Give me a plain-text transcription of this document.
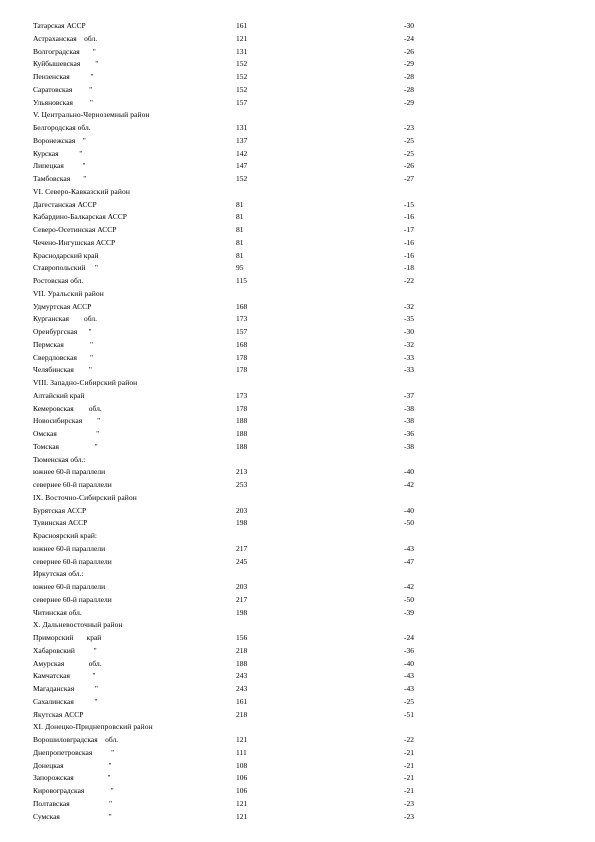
Татарская АССР	161	-30
Астраханская    обл.	121	-24
Волгоградская       "	131	-26
Куйбышевская        "	152	-29
Пензенская           "	152	-28
Саратовская         "	152	-28
Ульяновская         "	157	-29
V. Центрально-Черноземный район
Белгородская обл.	131	-23
Воронежская    "	137	-25
Курская           "	142	-25
Липецкая          "	147	-26
Тамбовская       "	152	-27
VI. Северо-Кавказский район
Дагестанская АССР	81	-15
Кабардино-Балкарская АССР	81	-16
Северо-Осетинская АССР	81	-17
Чечено-Ингушская АССР	81	-16
Краснодарский край	81	-16
Ставропольский     "	95	-18
Ростовская обл.	115	-22
VII. Уральский район
Удмуртская АССР	168	-32
Курганская        обл.	173	-35
Оренбургская      "	157	-30
Пермская              "	168	-32
Свердловская       "	178	-33
Челябинская        "	178	-33
VIII. Западно-Сибирский район
Алтайский край	173	-37
Кемеровская        обл.	178	-38
Новосибирская        "	188	-38
Омская                     "	188	-36
Томская                   "	188	-38
Тюменская обл.:
южнее 60-й параллели	213	-40
севернее 60-й параллели	253	-42
IX. Восточно-Сибирский район
Бурятская АССР	203	-40
Тувинская АССР	198	-50
Красноярский край:
южнее 60-й параллели	217	-43
севернее 60-й параллели	245	-47
Иркутская обл.:
южнее 60-й параллели	203	-42
севернее 60-й параллели	217	-50
Читинская обл.	198	-39
X. Дальневосточный район
Приморский       край	156	-24
Хабаровский          "	218	-36
Амурская             обл.	188	-40
Камчатская            "	243	-43
Магаданская           "	243	-43
Сахалинская           "	161	-25
Якутская АССР	218	-51
XI. Донецко-Приднепровский район
Ворошиловградская    обл.	121	-22
Днепропетровская          "	111	-21
Донецкая                        "	108	-21
Запорожская                  "	106	-21
Кировоградская              "	106	-21
Полтавская                     "	121	-23
Сумская                          "	121	-23
